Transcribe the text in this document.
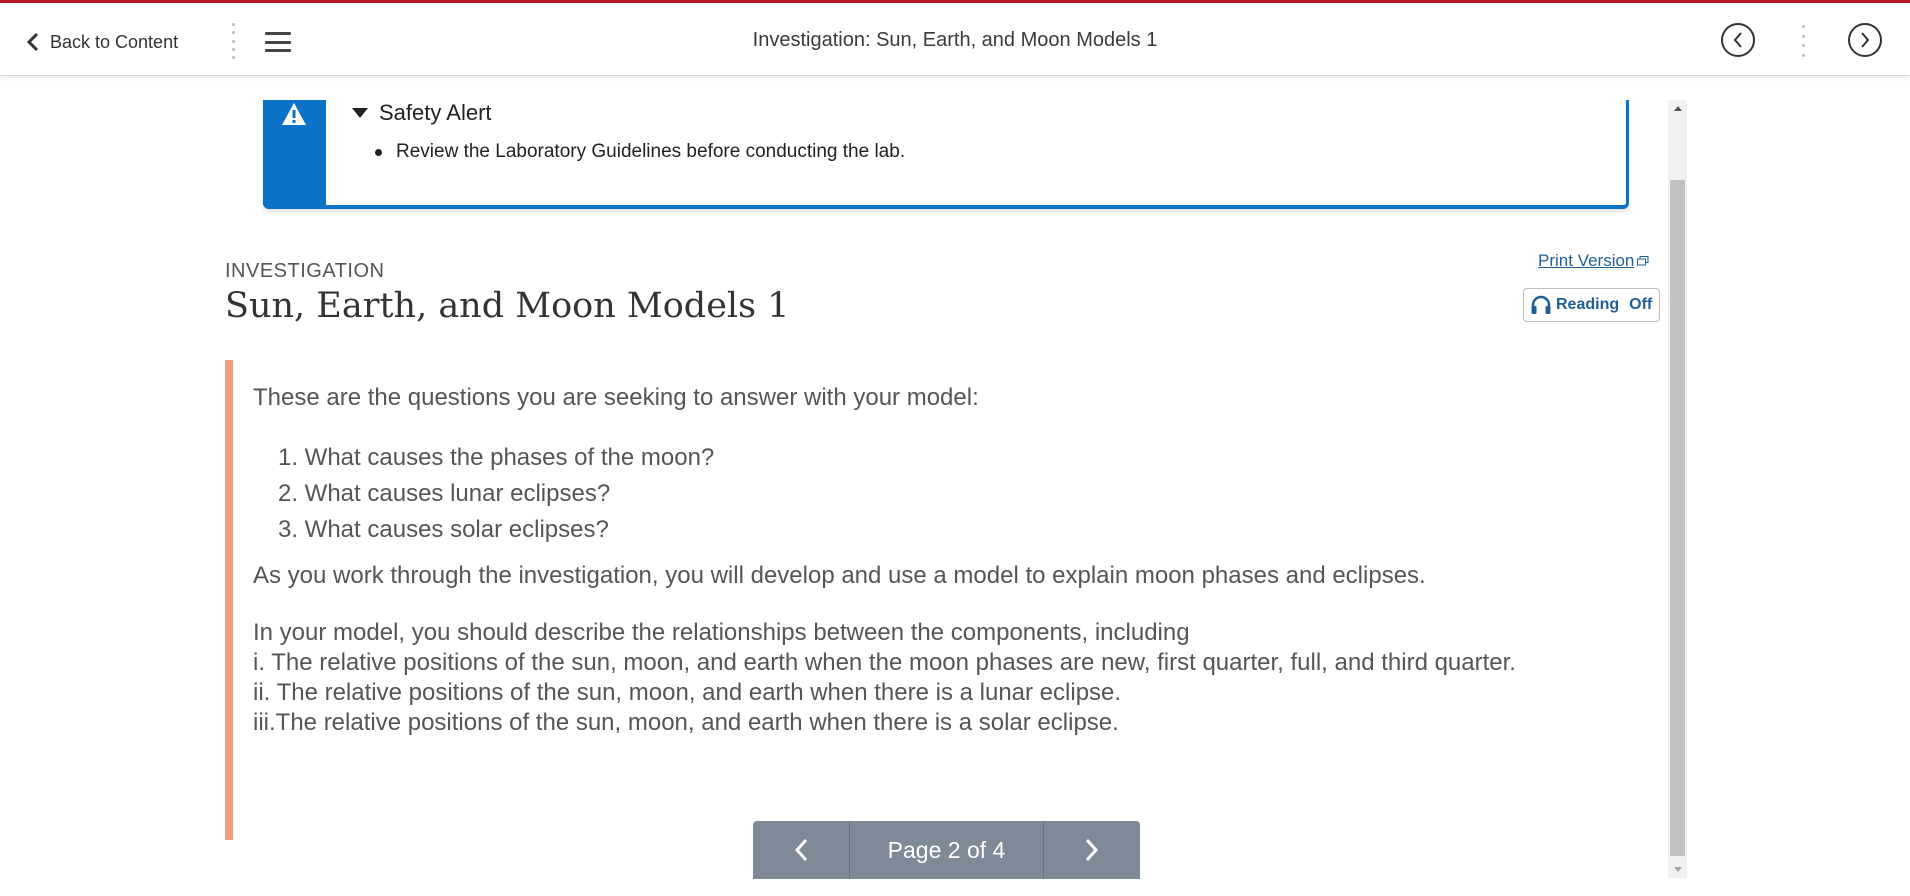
Back to Content	Investigation: Sun, Earth, and Moon Models 1
Safety Alert
Review the Laboratory Guidelines before conducting the lab.
INVESTIGATION
Sun, Earth, and Moon Models 1
Print Version
Reading Off
These are the questions you are seeking to answer with your model:
1. What causes the phases of the moon?
2. What causes lunar eclipses?
3. What causes solar eclipses?
As you work through the investigation, you will develop and use a model to explain moon phases and eclipses.
In your model, you should describe the relationships between the components, including
i. The relative positions of the sun, moon, and earth when the moon phases are new, first quarter, full, and third quarter.
ii. The relative positions of the sun, moon, and earth when there is a lunar eclipse.
iii.The relative positions of the sun, moon, and earth when there is a solar eclipse.
Page 2 of 4
